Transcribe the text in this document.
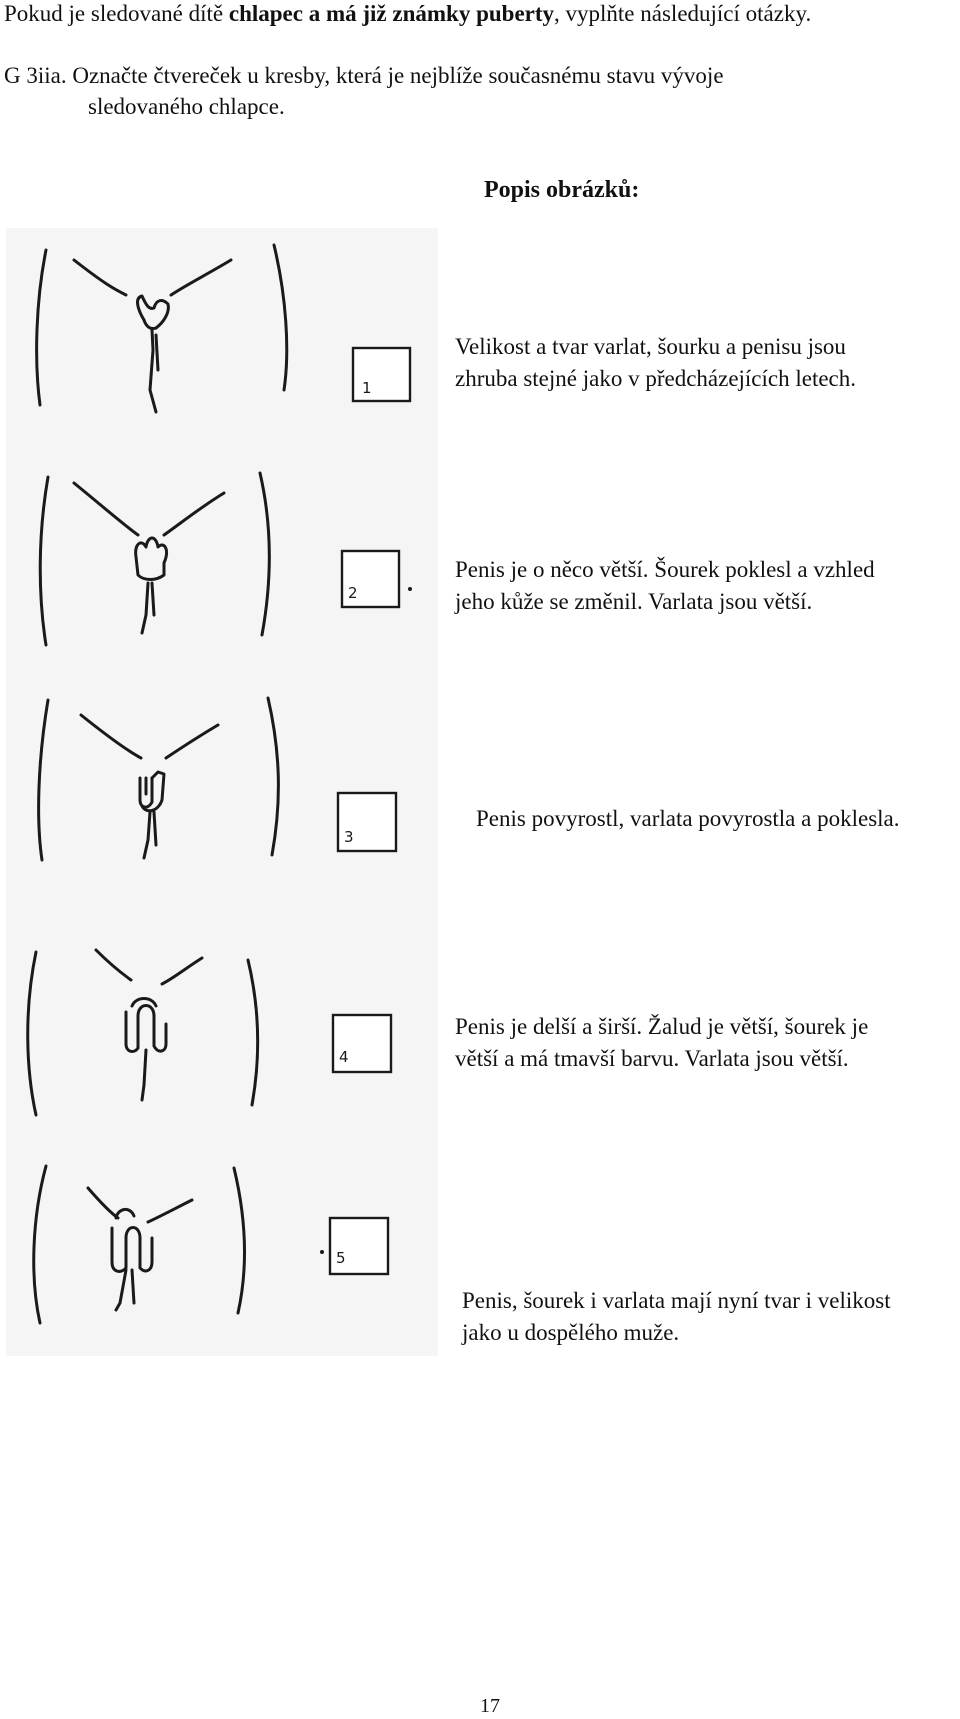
Pokud je sledované dítě chlapec a má již známky puberty, vyplňte následující otázky.
G 3iia. Označte čtvereček u kresby, která je nejblíže současnému stavu vývoje
sledovaného chlapce.
Popis obrázků:
1
Velikost a tvar varlat, šourku a penisu jsou
zhruba stejné jako v předcházejících letech.
2
Penis je o něco větší. Šourek poklesl a vzhled
jeho kůže se změnil. Varlata jsou větší.
3
Penis povyrostl, varlata povyrostla a poklesla.
4
Penis je delší a širší. Žalud je větší, šourek je
větší a má tmavší barvu. Varlata jsou větší.
5
Penis, šourek i varlata mají nyní tvar i velikost
jako u dospělého muže.
17
